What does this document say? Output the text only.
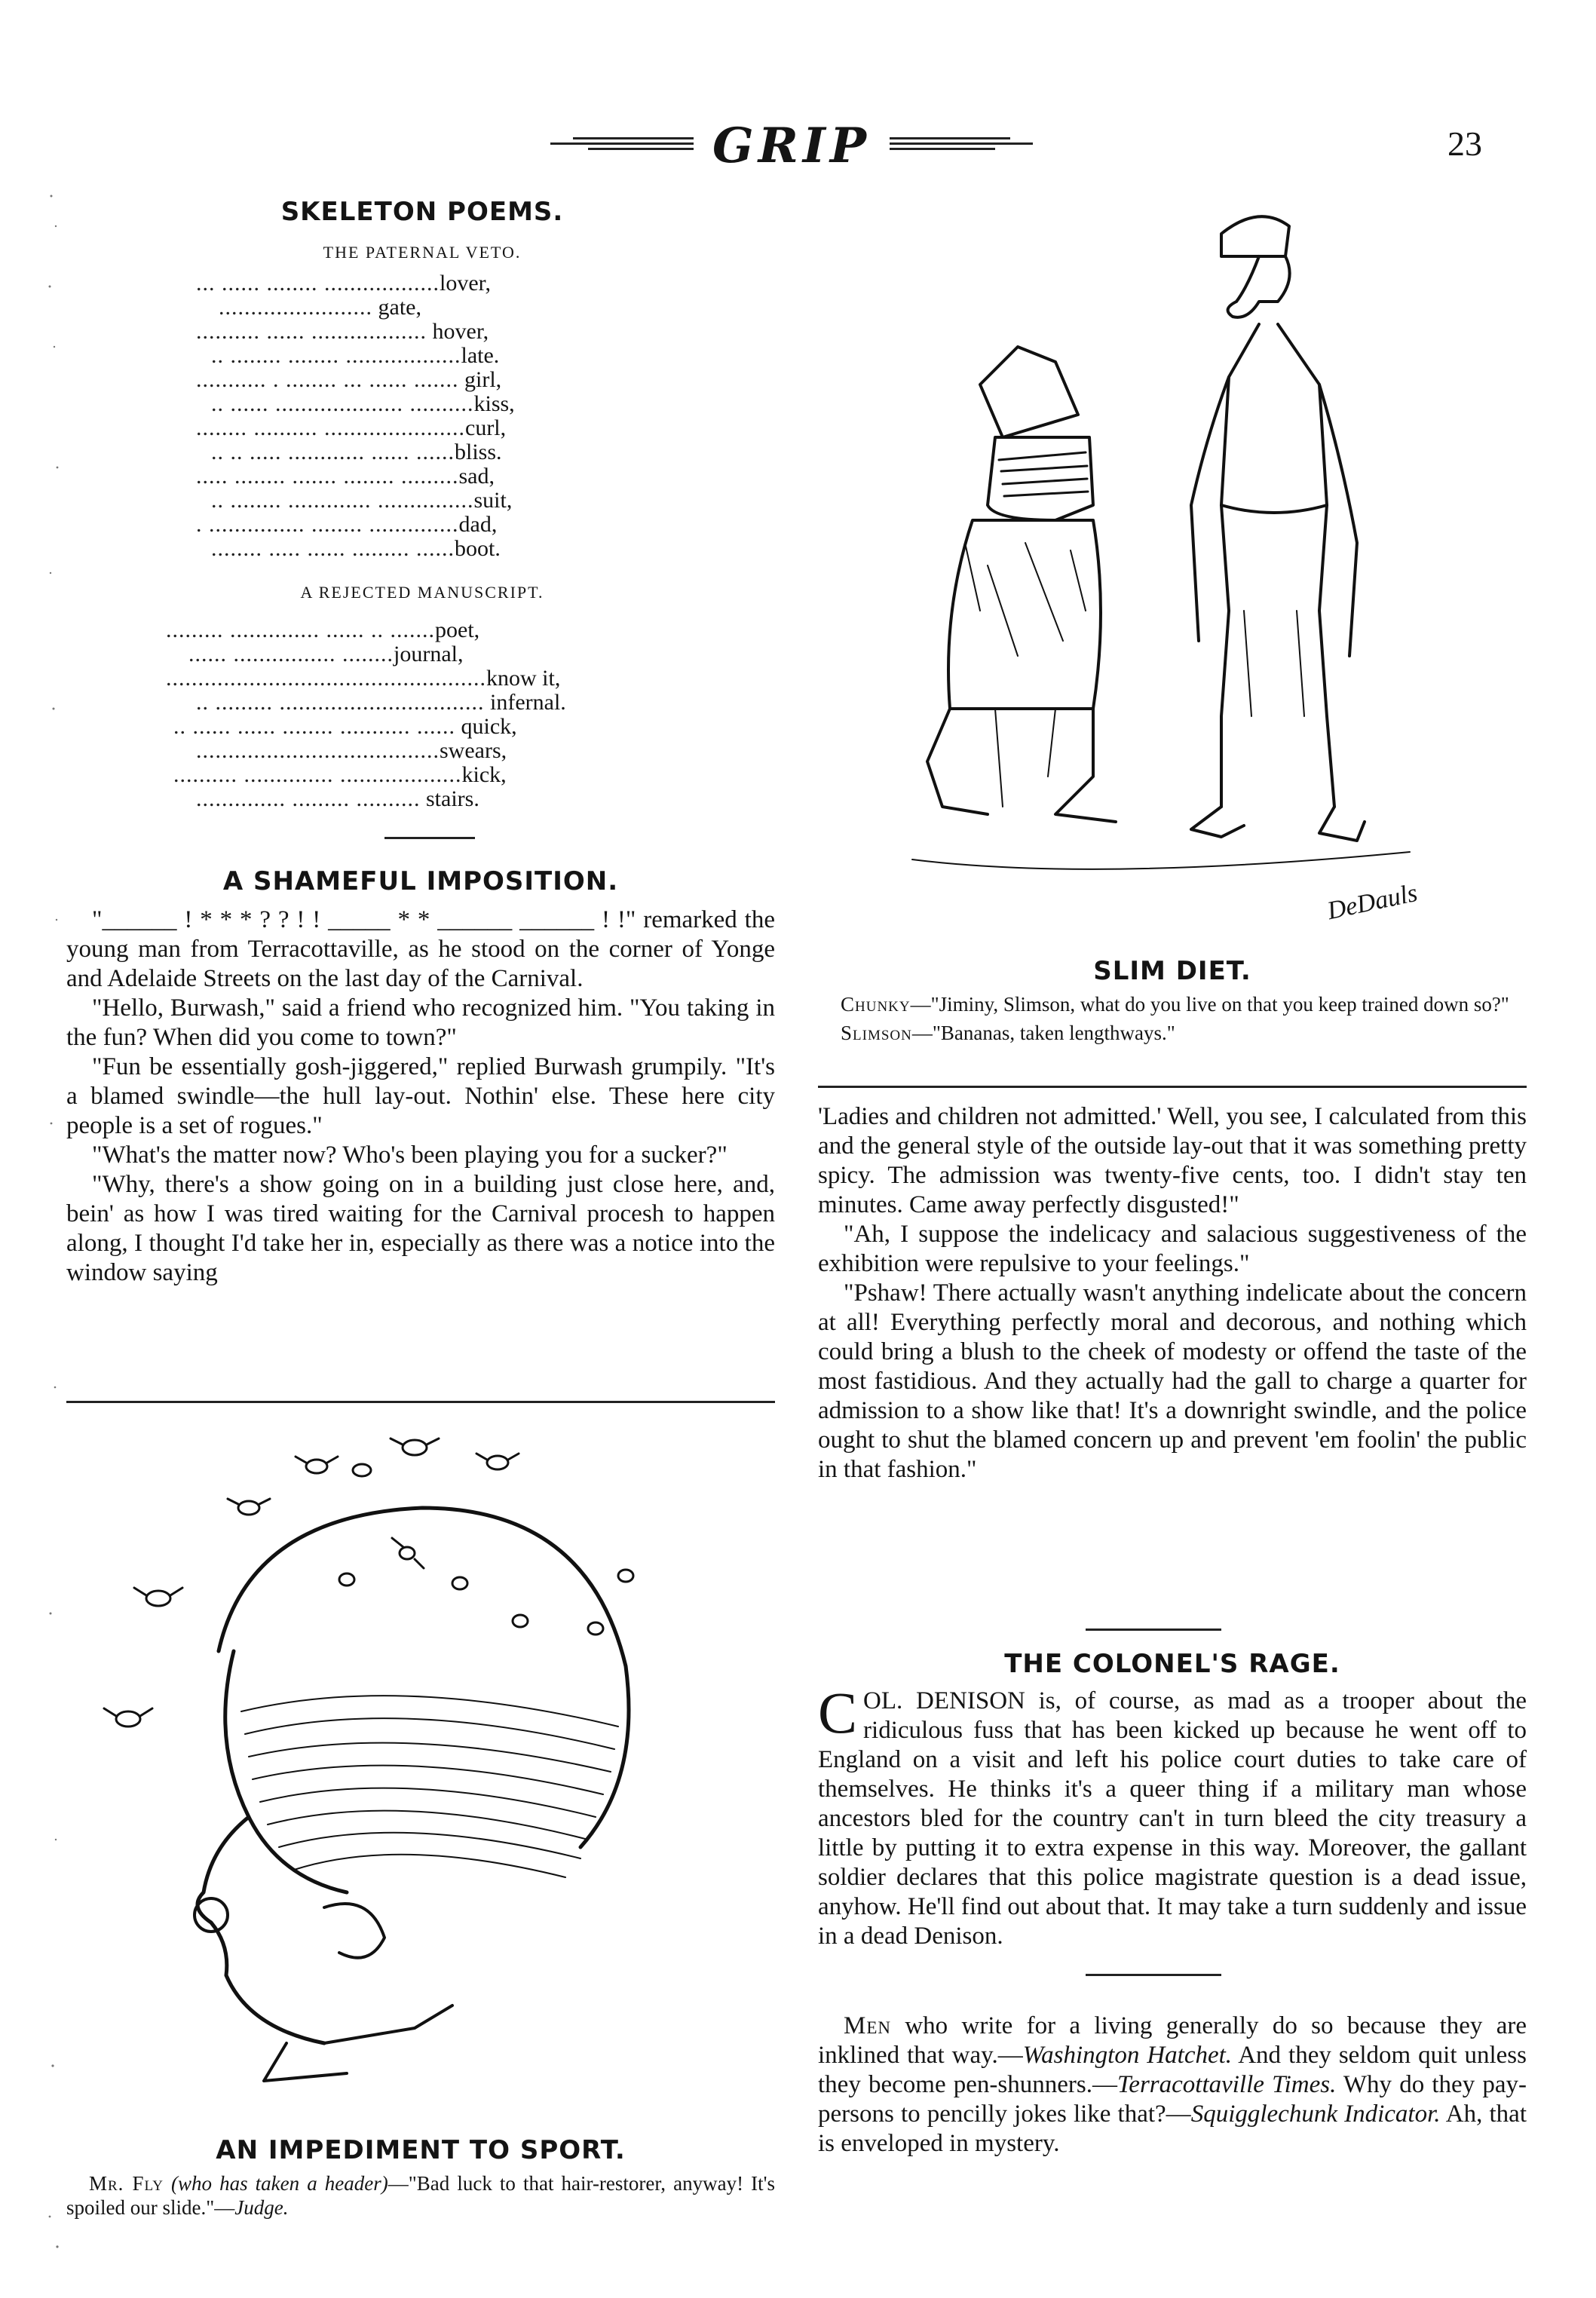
GRIP	23
SKELETON POEMS.
THE PATERNAL VETO.
... ...... ........ ..................lover,
........................ gate,
.......... ...... .................. hover,
.. ........ ........ ..................late.
........... . ........ ... ...... ....... girl,
.. ...... .................... ..........kiss,
........ .......... ......................curl,
.. .. ..... ............ ...... ......bliss.
..... ........ ....... ........ .........sad,
.. ........ ............. ...............suit,
. ............... ........ ..............dad,
........ ..... ...... ......... ......boot.
A REJECTED MANUSCRIPT.
......... .............. ...... .. .......poet,
...... ................ ........journal,
..................................................know it,
.. ......... ................................ infernal.
.. ...... ...... ........ ........... ...... quick,
......................................swears,
.......... .............. ...................kick,
.............. ......... .......... stairs.
A SHAMEFUL IMPOSITION.

"______ ! * * * ? ? ! ! _____ * * ______ ______ ! !" remarked the young man from Terracottaville, as he stood on the corner of Yonge and Adelaide Streets on the last day of the Carnival.

"Hello, Burwash," said a friend who recognized him. "You taking in the fun? When did you come to town?"

"Fun be essentially gosh-jiggered," replied Burwash grumpily. "It's a blamed swindle—the hull lay-out. Nothin' else. These here city people is a set of rogues."

"What's the matter now? Who's been playing you for a sucker?"

"Why, there's a show going on in a building just close here, and, bein' as how I was tired waiting for the Carnival procesh to happen along, I thought I'd take her in, especially as there was a notice into the window saying

DeDauls
SLIM DIET.
Chunky—"Jiminy, Slimson, what do you live on that you keep trained down so?"
Slimson—"Bananas, taken lengthways."

'Ladies and children not admitted.' Well, you see, I calculated from this and the general style of the outside lay-out that it was something pretty spicy. The admission was twenty-five cents, too. I didn't stay ten minutes. Came away perfectly disgusted!"

"Ah, I suppose the indelicacy and salacious suggestiveness of the exhibition were repulsive to your feelings."

"Pshaw! There actually wasn't anything indelicate about the concern at all! Everything perfectly moral and decorous, and nothing which could bring a blush to the cheek of modesty or offend the taste of the most fastidious. And they actually had the gall to charge a quarter for admission to a show like that! It's a downright swindle, and the police ought to shut the blamed concern up and prevent 'em foolin' the public in that fashion."

THE COLONEL'S RAGE.

COL. DENISON is, of course, as mad as a trooper about the ridiculous fuss that has been kicked up because he went off to England on a visit and left his police court duties to take care of themselves. He thinks it's a queer thing if a military man whose ancestors bled for the country can't in turn bleed the city treasury a little by putting it to extra expense in this way. Moreover, the gallant soldier declares that this police magistrate question is a dead issue, anyhow. He'll find out about that. It may take a turn suddenly and issue in a dead Denison.

Men who write for a living generally do so because they are inklined that way.—Washington Hatchet. And they seldom quit unless they become pen-shunners.—Terracottaville Times. Why do they pay-persons to pencilly jokes like that?—Squigglechunk Indicator. Ah, that is enveloped in mystery.

AN IMPEDIMENT TO SPORT.
Mr. Fly (who has taken a header)—"Bad luck to that hair-restorer, anyway! It's spoiled our slide."—Judge.
